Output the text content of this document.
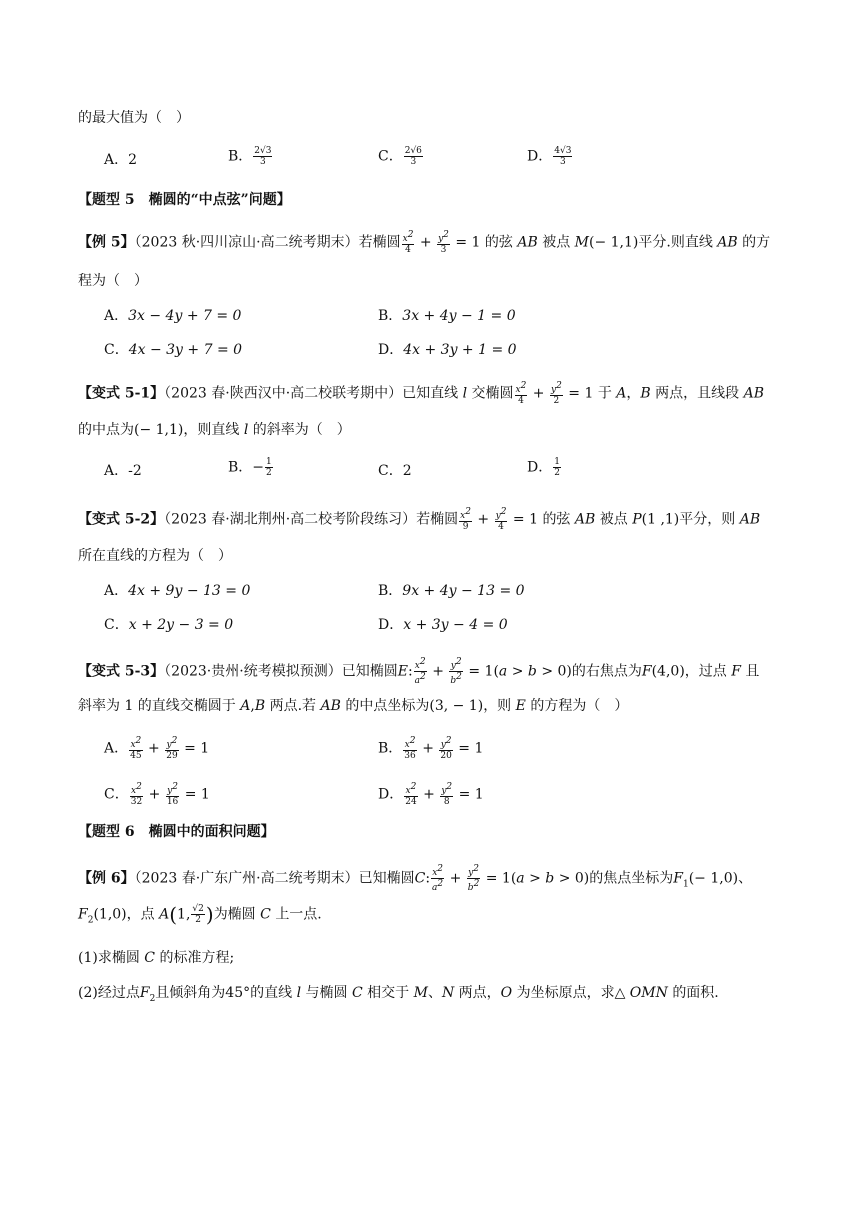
的最大值为（　）
A．2	B． $\frac{2√3}{3}$	C． $\frac{2√6}{3}$	D． $\frac{4√3}{3}$
【题型 5　椭圆的“中点弦”问题】
【例 5】（2023 秋·四川凉山·高二统考期末）若椭圆 $\frac{x^2}{4} + \frac{y^2}{3} = 1$ 的弦 AB 被点 M(− 1,1)平分.则直线 AB 的方
程为（　）
A．3x − 4y + 7 = 0	B．3x + 4y − 1 = 0
C．4x − 3y + 7 = 0	D．4x + 3y + 1 = 0
【变式 5-1】（2023 春·陕西汉中·高二校联考期中）已知直线 l 交椭圆 $\frac{x^2}{4} + \frac{y^2}{2} = 1$ 于 A，B 两点，且线段 AB
的中点为(− 1,1)，则直线 l 的斜率为（　）
A．-2	B．− $\frac{1}{2}$	C．2	D． $\frac{1}{2}$
【变式 5-2】（2023 春·湖北荆州·高二校考阶段练习）若椭圆 $\frac{x^2}{9} + \frac{y^2}{4} = 1$ 的弦 AB 被点 P(1 ,1)平分，则 AB
所在直线的方程为（　）
A．4x + 9y − 13 = 0	B．9x + 4y − 13 = 0
C．x + 2y − 3 = 0	D．x + 3y − 4 = 0
【变式 5-3】（2023·贵州·统考模拟预测）已知椭圆E: $\frac{x^2}{a^2} + \frac{y^2}{b^2} = 1(a > b > 0)$的右焦点为F(4,0)，过点 F 且
斜率为 1 的直线交椭圆于 A,B 两点.若 AB 的中点坐标为(3, − 1)，则 E 的方程为（　）
A． $\frac{x^2}{45} + \frac{y^2}{29} = 1$	B． $\frac{x^2}{36} + \frac{y^2}{20} = 1$
C． $\frac{x^2}{32} + \frac{y^2}{16} = 1$	D． $\frac{x^2}{24} + \frac{y^2}{8} = 1$
【题型 6　椭圆中的面积问题】
【例 6】（2023 春·广东广州·高二统考期末）已知椭圆C: $\frac{x^2}{a^2} + \frac{y^2}{b^2} = 1(a > b > 0)$的焦点坐标为$F_1(- 1,0)$、
$F_2(1,0)$，点 A(1, $\frac{√2}{2}$ )为椭圆 C 上一点.
(1)求椭圆 C 的标准方程;
(2)经过点$F_2$且倾斜角为45°的直线 l 与椭圆 C 相交于 M、N 两点，O 为坐标原点，求△ OMN 的面积.
